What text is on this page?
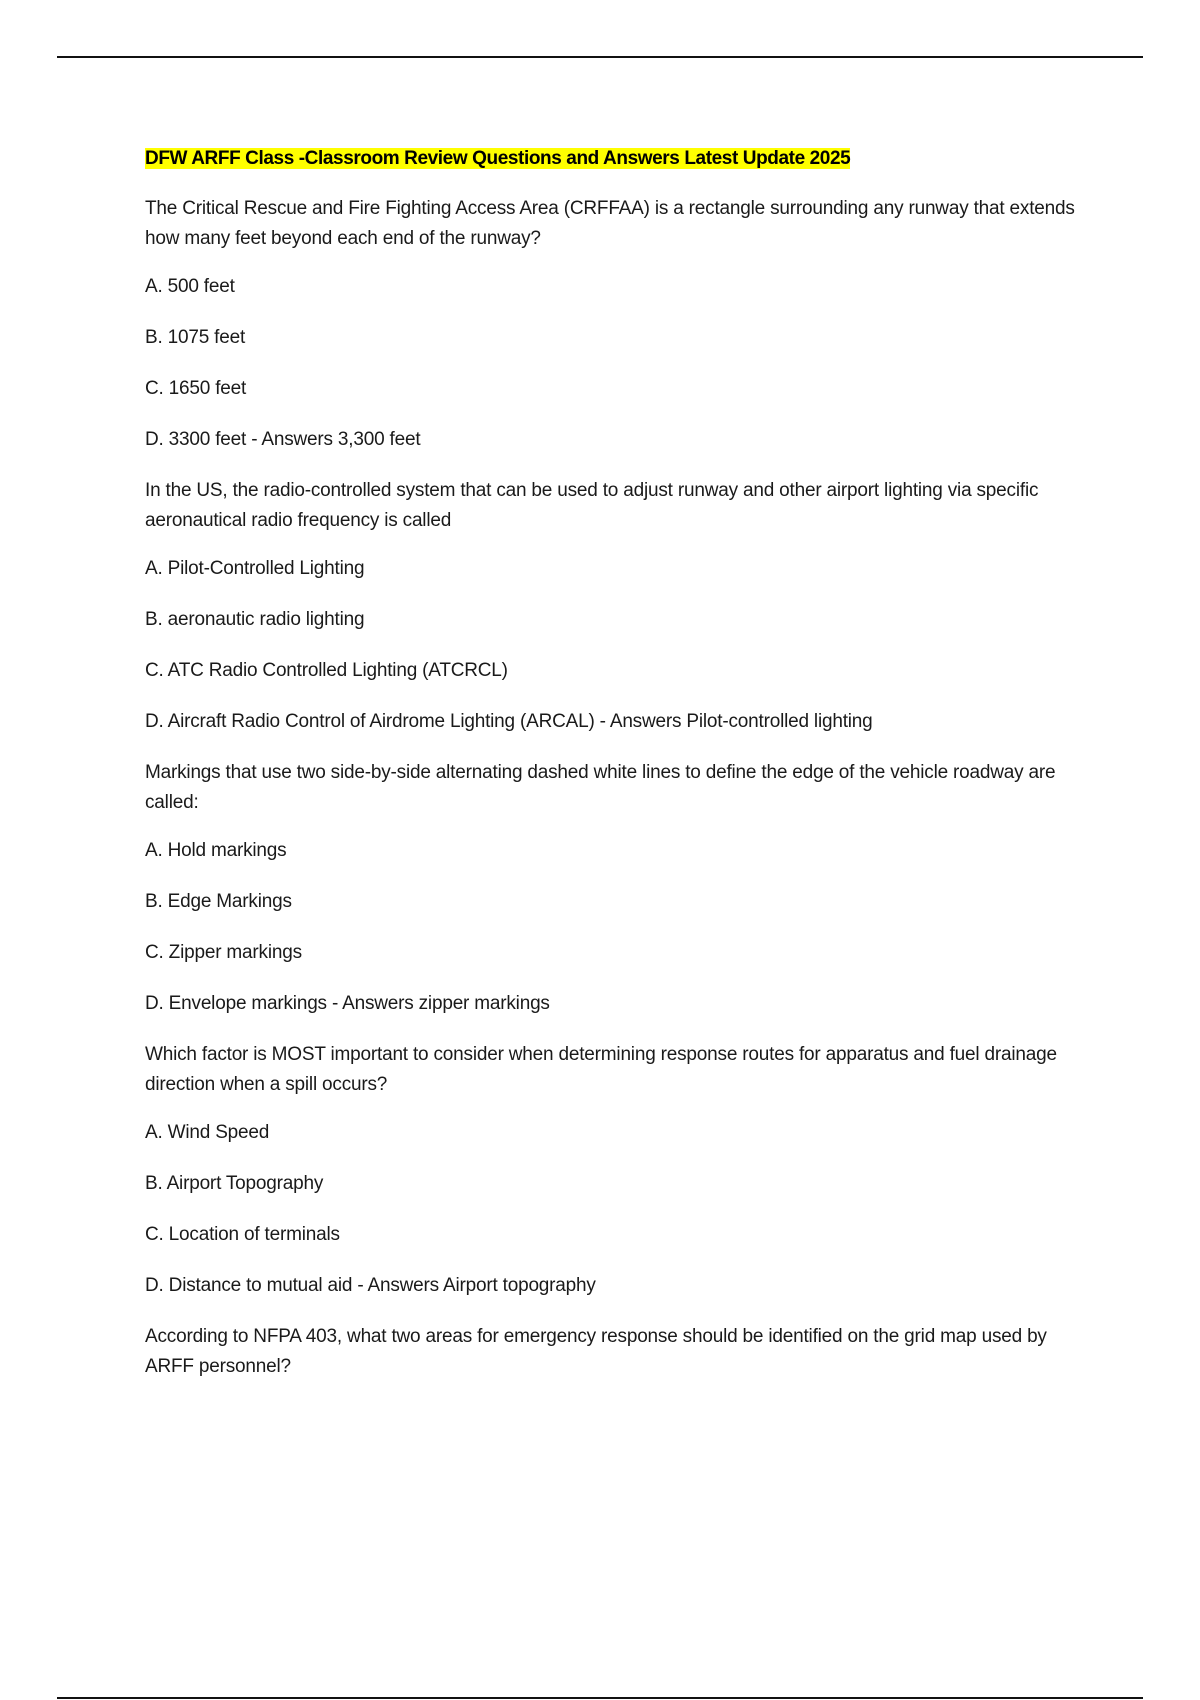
DFW ARFF Class -Classroom Review Questions and Answers Latest Update 2025

The Critical Rescue and Fire Fighting Access Area (CRFFAA) is a rectangle surrounding any runway that extends how many feet beyond each end of the runway?

A. 500 feet

B. 1075 feet

C. 1650 feet

D. 3300 feet - Answers 3,300 feet

In the US, the radio-controlled system that can be used to adjust runway and other airport lighting via specific aeronautical radio frequency is called

A. Pilot-Controlled Lighting

B. aeronautic radio lighting

C. ATC Radio Controlled Lighting (ATCRCL)

D. Aircraft Radio Control of Airdrome Lighting (ARCAL) - Answers Pilot-controlled lighting

Markings that use two side-by-side alternating dashed white lines to define the edge of the vehicle roadway are called:

A. Hold markings

B. Edge Markings

C. Zipper markings

D. Envelope markings - Answers zipper markings

Which factor is MOST important to consider when determining response routes for apparatus and fuel drainage direction when a spill occurs?

A. Wind Speed

B. Airport Topography

C. Location of terminals

D. Distance to mutual aid - Answers Airport topography

According to NFPA 403, what two areas for emergency response should be identified on the grid map used by ARFF personnel?
